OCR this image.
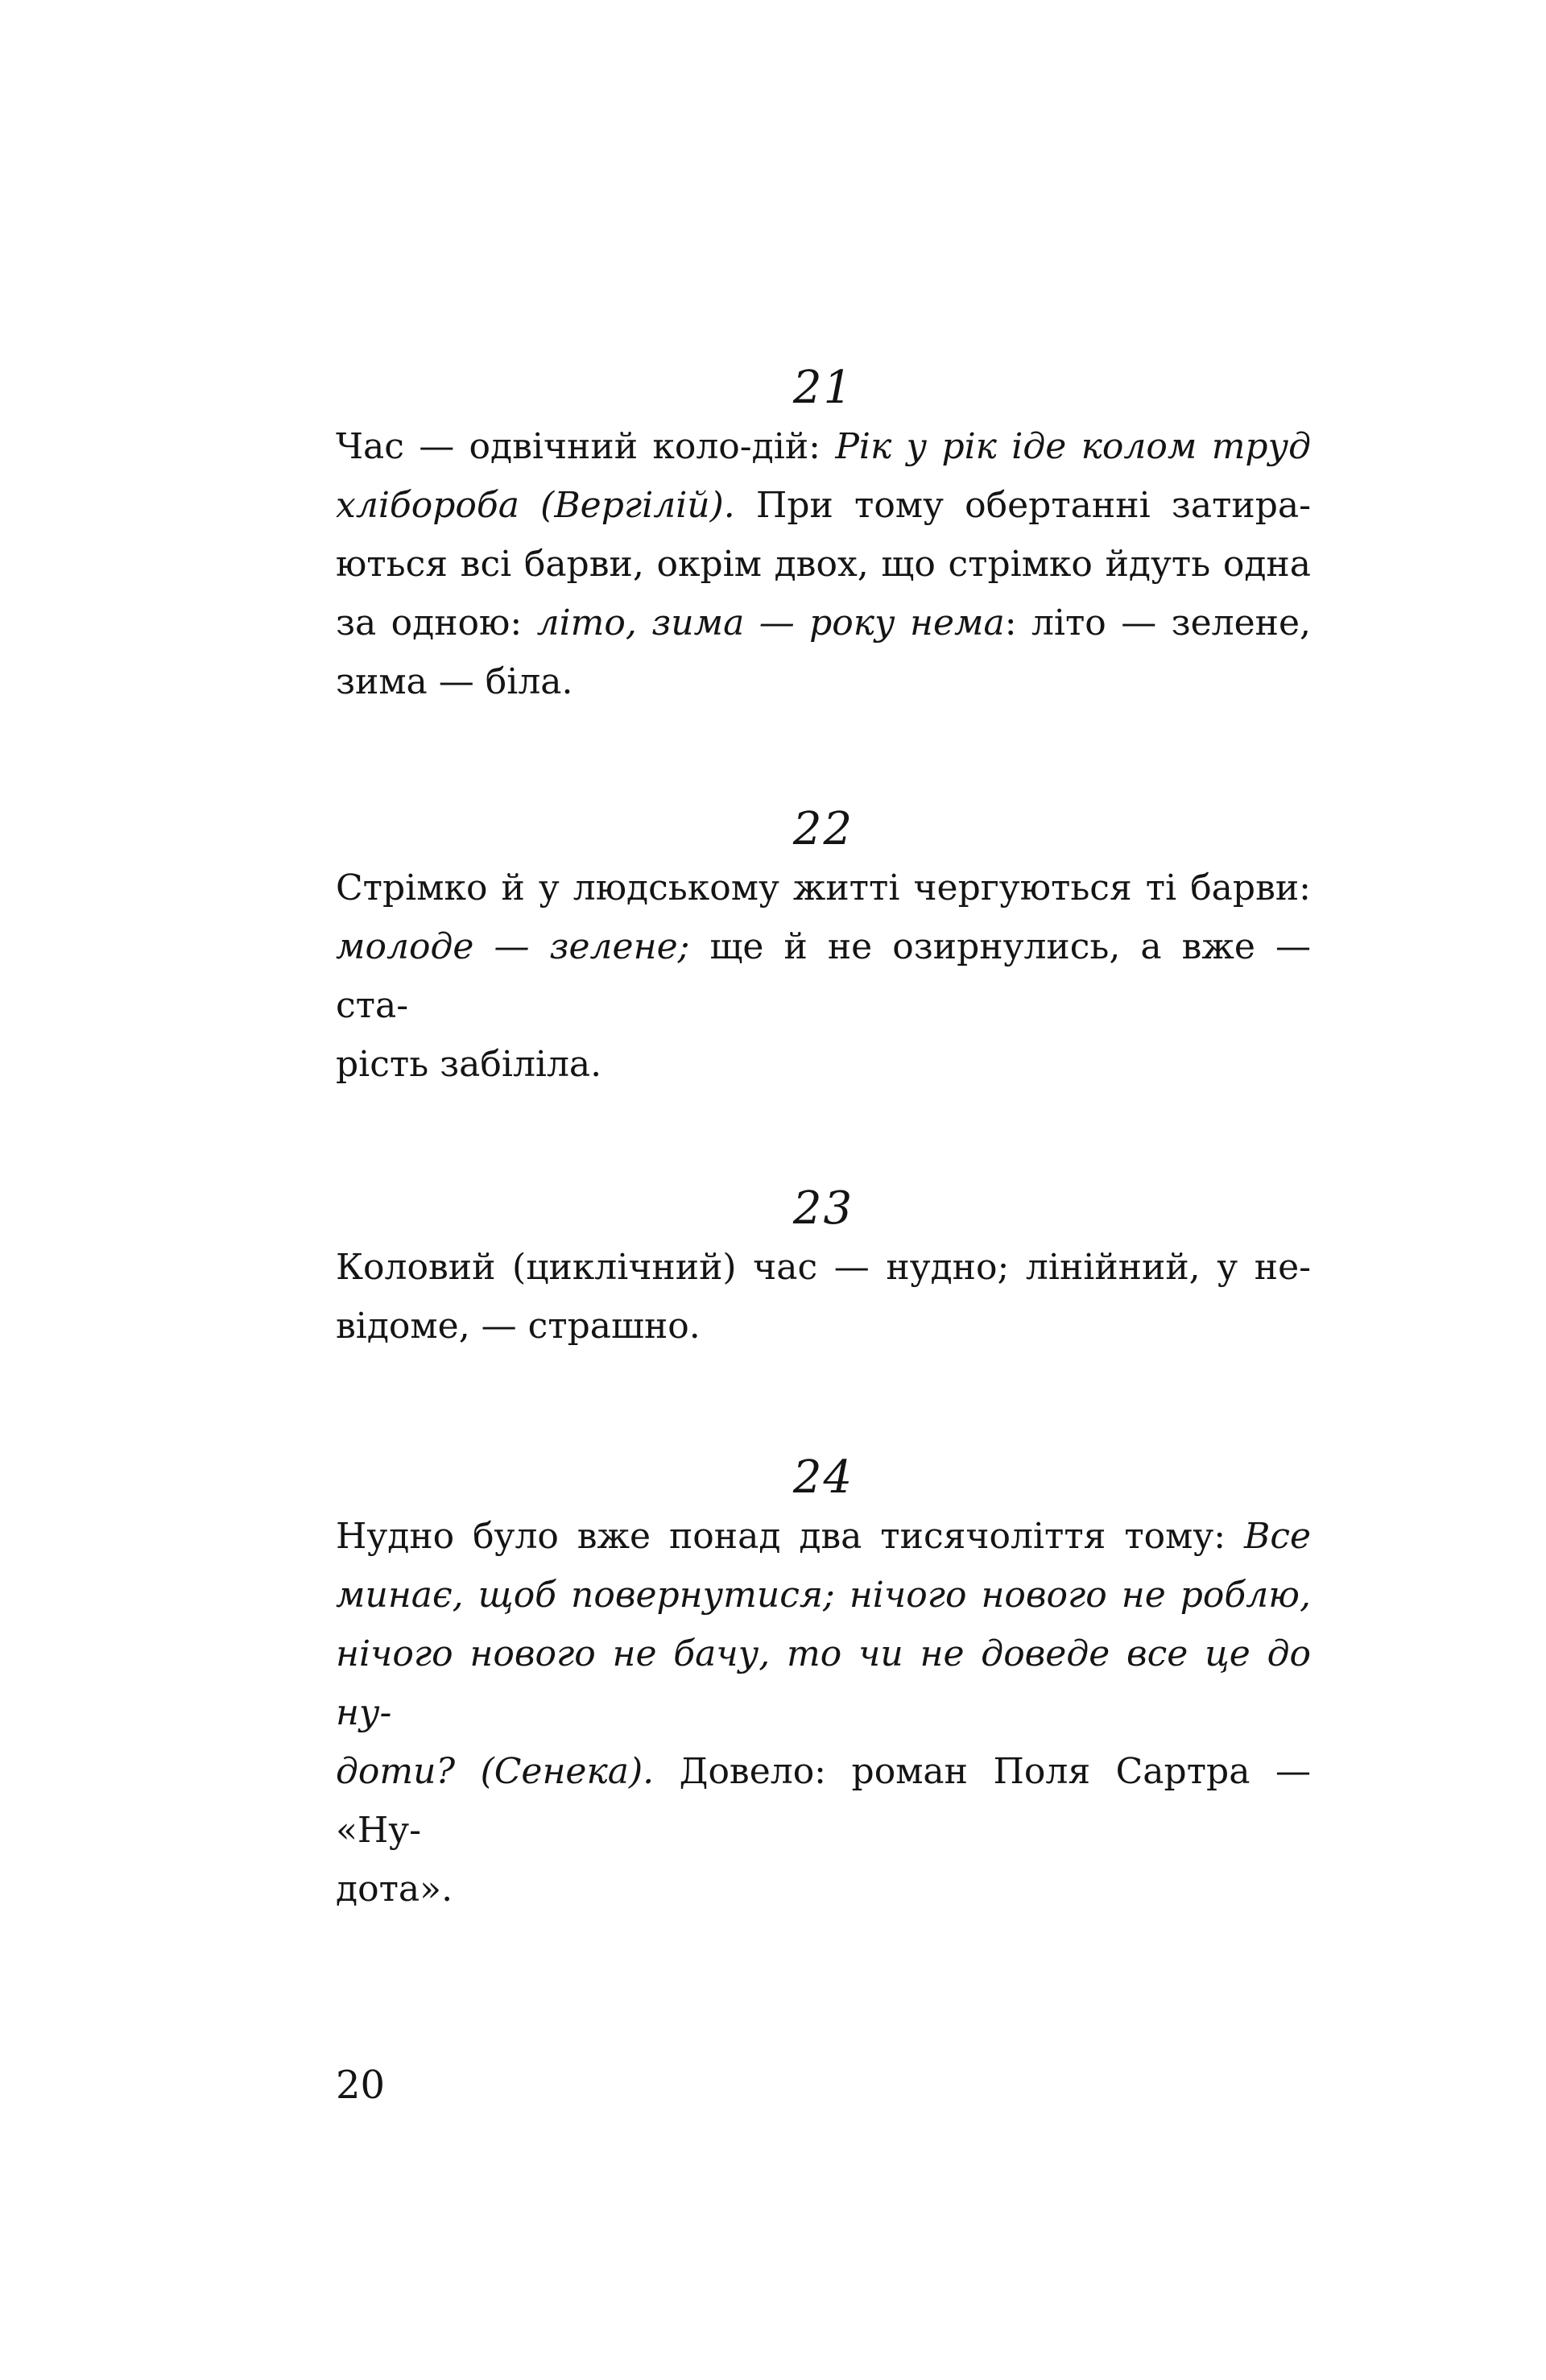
21
Час — одвічний коло-дій: Рік у рік іде колом труд
хлібороба (Вергілій). При тому обертанні затира-
ються всі барви, окрім двох, що стрімко йдуть одна
за одною: літо, зима — року нема: літо — зелене,
зима — біла.
22
Стрімко й у людському житті чергуються ті барви:
молоде — зелене; ще й не озирнулись, а вже — ста-
рість забіліла.
23
Коловий (циклічний) час — нудно; лінійний, у не-
відоме, — страшно.
24
Нудно було вже понад два тисячоліття тому: Все
минає, щоб повернутися; нічого нового не роблю,
нічого нового не бачу, то чи не доведе все це до ну-
доти? (Сенека). Довело: роман Поля Сартра — «Ну-
дота».
20
